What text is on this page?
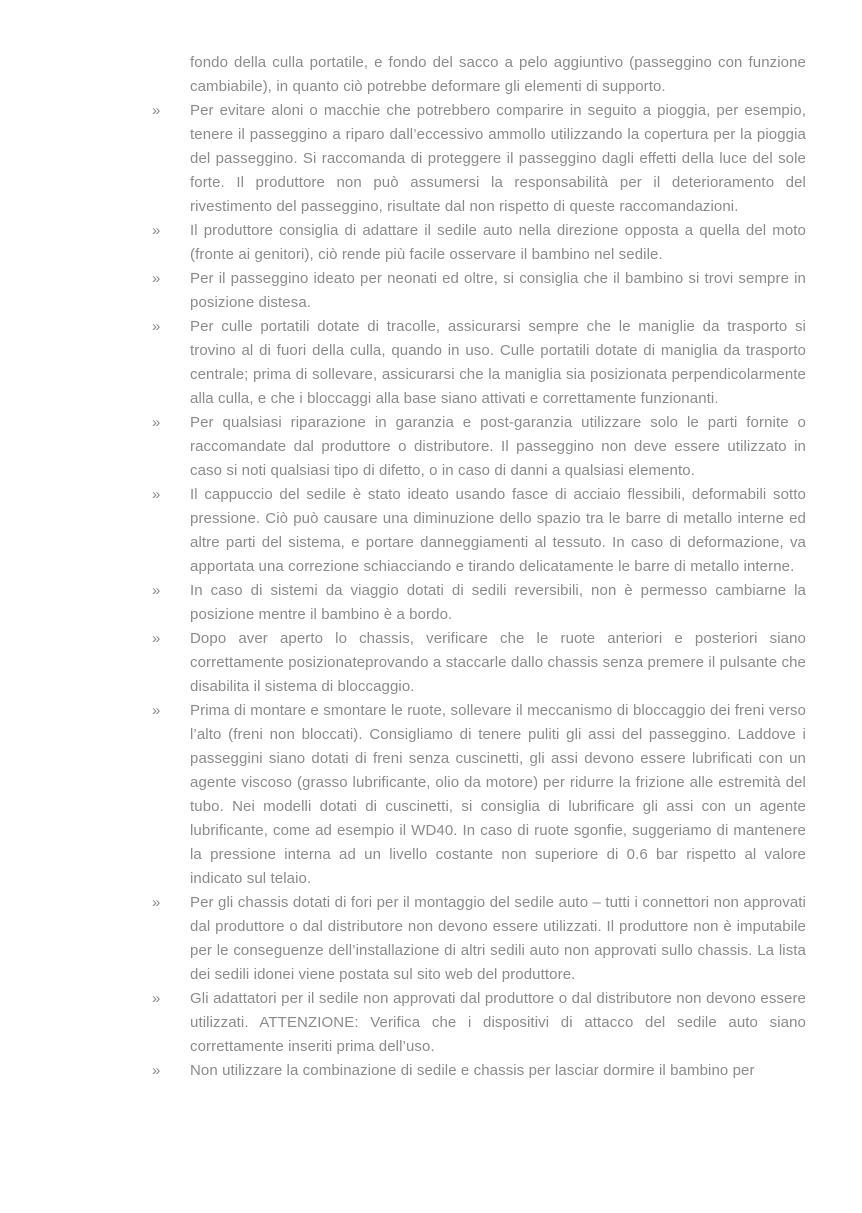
fondo della culla portatile, e fondo del sacco a pelo aggiuntivo (passeggino con funzione cambiabile), in quanto ciò potrebbe deformare gli elementi di supporto.

»	Per evitare aloni o macchie che potrebbero comparire in seguito a pioggia, per esempio, tenere il passeggino a riparo dall’eccessivo ammollo utilizzando la copertura per la pioggia del passeggino. Si raccomanda di proteggere il passeggino dagli effetti della luce del sole forte. Il produttore non può assumersi la responsabilità per il deterioramento del rivestimento del passeggino, risultate dal non rispetto di queste raccomandazioni.

»	Il produttore consiglia di adattare il sedile auto nella direzione opposta a quella del moto (fronte ai genitori), ciò rende più facile osservare il bambino nel sedile.

»	Per il passeggino ideato per neonati ed oltre, si consiglia che il bambino si trovi sempre in posizione distesa.

»	Per culle portatili dotate di tracolle, assicurarsi sempre che le maniglie da trasporto si trovino al di fuori della culla, quando in uso. Culle portatili dotate di maniglia da trasporto centrale; prima di sollevare, assicurarsi che la maniglia sia posizionata perpendicolarmente alla culla, e che i bloccaggi alla base siano attivati e correttamente funzionanti.

»	Per qualsiasi riparazione in garanzia e post-garanzia utilizzare solo le parti fornite o raccomandate dal produttore o distributore. Il passeggino non deve essere utilizzato in caso si noti qualsiasi tipo di difetto, o in caso di danni a qualsiasi elemento.

»	Il cappuccio del sedile è stato ideato usando fasce di acciaio flessibili, deformabili sotto pressione. Ciò può causare una diminuzione dello spazio tra le barre di metallo interne ed altre parti del sistema, e portare danneggiamenti al tessuto. In caso di deformazione, va apportata una correzione schiacciando e tirando delicatamente le barre di metallo interne.

»	In caso di sistemi da viaggio dotati di sedili reversibili, non è permesso cambiarne la posizione mentre il bambino è a bordo.

»	Dopo aver aperto lo chassis, verificare che le ruote anteriori e posteriori siano correttamente posizionateprovando a staccarle dallo chassis senza premere il pulsante che disabilita il sistema di bloccaggio.

»	Prima di montare e smontare le ruote, sollevare il meccanismo di bloccaggio dei freni verso l’alto (freni non bloccati). Consigliamo di tenere puliti gli assi del passeggino. Laddove i passeggini siano dotati di freni senza cuscinetti, gli assi devono essere lubrificati con un agente viscoso (grasso lubrificante, olio da motore) per ridurre la frizione alle estremità del tubo. Nei modelli dotati di cuscinetti, si consiglia di lubrificare gli assi con un agente lubrificante, come ad esempio il WD40. In caso di ruote sgonfie, suggeriamo di mantenere la pressione interna ad un livello costante non superiore di 0.6 bar rispetto al valore indicato sul telaio.

»	Per gli chassis dotati di fori per il montaggio del sedile auto – tutti i connettori non approvati dal produttore o dal distributore non devono essere utilizzati. Il produttore non è imputabile per le conseguenze dell’installazione di altri sedili auto non approvati sullo chassis. La lista dei sedili idonei viene postata sul sito web del produttore.

»	Gli adattatori per il sedile non approvati dal produttore o dal distributore non devono essere utilizzati. ATTENZIONE: Verifica che i dispositivi di attacco del sedile auto siano correttamente inseriti prima dell’uso.

»	Non utilizzare la combinazione di sedile e chassis per lasciar dormire il bambino per
